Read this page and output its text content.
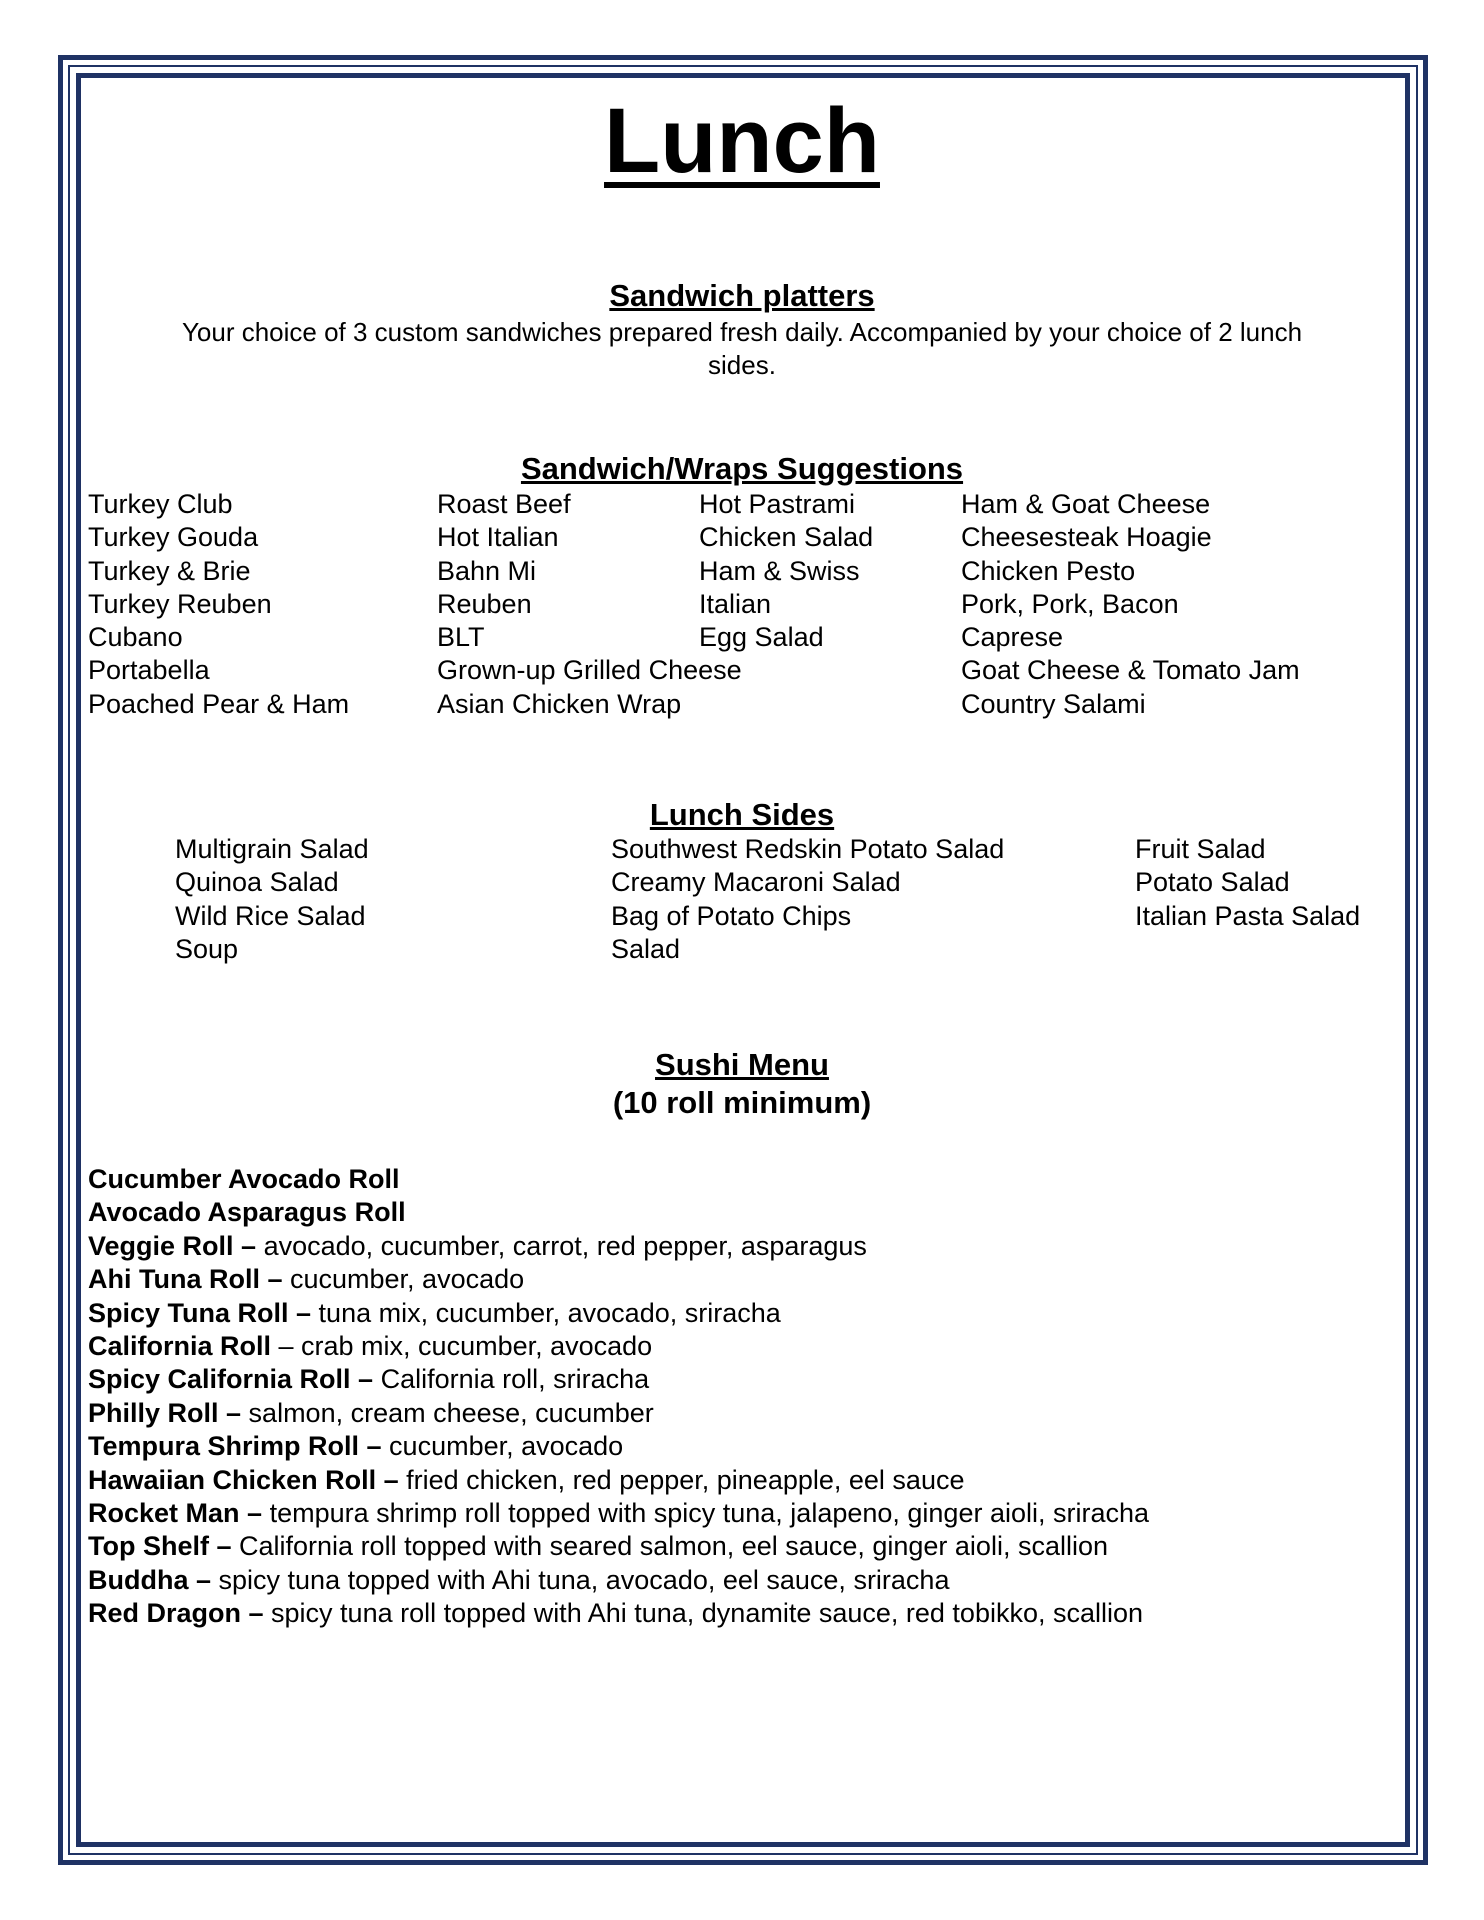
Lunch
Sandwich platters
Your choice of 3 custom sandwiches prepared fresh daily. Accompanied by your choice of 2 lunch
sides.
Sandwich/Wraps Suggestions
Turkey Club
Turkey Gouda
Turkey & Brie
Turkey Reuben
Cubano
Portabella
Poached Pear & Ham
Roast Beef
Hot Italian
Bahn Mi
Reuben
BLT
Grown-up Grilled Cheese
Asian Chicken Wrap
Hot Pastrami
Chicken Salad
Ham & Swiss
Italian
Egg Salad
Ham & Goat Cheese
Cheesesteak Hoagie
Chicken Pesto
Pork, Pork, Bacon
Caprese
Goat Cheese & Tomato Jam
Country Salami
Lunch Sides
Multigrain Salad
Quinoa Salad
Wild Rice Salad
Soup
Southwest Redskin Potato Salad
Creamy Macaroni Salad
Bag of Potato Chips
Salad
Fruit Salad
Potato Salad
Italian Pasta Salad
Sushi Menu
(10 roll minimum)
Cucumber Avocado Roll
Avocado Asparagus Roll
Veggie Roll – avocado, cucumber, carrot, red pepper, asparagus
Ahi Tuna Roll – cucumber, avocado
Spicy Tuna Roll – tuna mix, cucumber, avocado, sriracha
California Roll – crab mix, cucumber, avocado
Spicy California Roll – California roll, sriracha
Philly Roll – salmon, cream cheese, cucumber
Tempura Shrimp Roll – cucumber, avocado
Hawaiian Chicken Roll – fried chicken, red pepper, pineapple, eel sauce
Rocket Man – tempura shrimp roll topped with spicy tuna, jalapeno, ginger aioli, sriracha
Top Shelf – California roll topped with seared salmon, eel sauce, ginger aioli, scallion
Buddha – spicy tuna topped with Ahi tuna, avocado, eel sauce, sriracha
Red Dragon – spicy tuna roll topped with Ahi tuna, dynamite sauce, red tobikko, scallion
